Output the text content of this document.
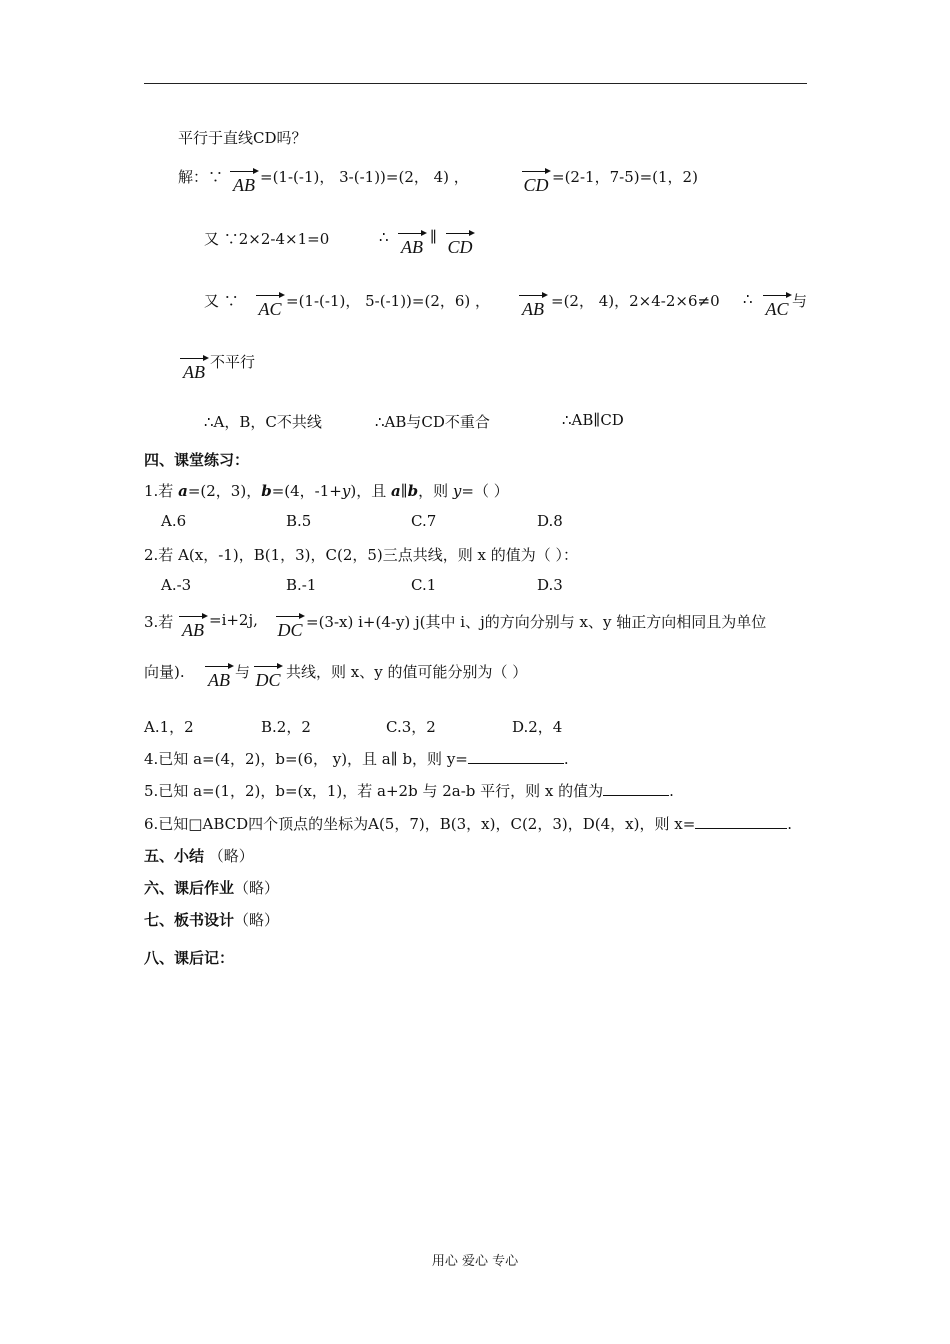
平行于直线CD吗？
解：∵ AB =(1-(-1)， 3-(-1))=(2， 4) ，	CD =(2-1，7-5)=(1，2)
又 ∵2×2-4×1=0	∴ AB ∥ CD
又 ∵ AC =(1-(-1)， 5-(-1))=(2，6) ， AB =(2， 4)，2×4-2×6≠0 ∴ AC 与
AB 不平行
∴A，B，C不共线	∴AB与CD不重合	∴AB∥CD
四、课堂练习：
1.若 a=(2，3)，b=(4，-1+y)，且 a∥b，则 y=（ ）
A.6	B.5	C.7	D.8
2.若 A(x，-1)，B(1，3)，C(2，5)三点共线，则 x 的值为（ ）：
A.-3	B.-1	C.1	D.3
3.若 AB =i+2j, DC =(3-x) i+(4-y) j(其中 i、j的方向分别与 x、y 轴正方向相同且为单位
向量). AB 与 DC 共线，则 x、y 的值可能分别为（ ）
A.1，2	B.2，2	C.3，2	D.2，4
4.已知 a=(4，2)，b=(6， y)，且 a∥ b，则 y=	.
5.已知 a=(1，2)，b=(x，1)，若 a+2b 与 2a-b 平行，则 x 的值为	.
6.已知□ABCD四个顶点的坐标为A(5，7)，B(3，x)，C(2，3)，D(4，x)，则 x=	.
五、小结 （略）
六、课后作业（略）
七、板书设计（略）
八、课后记：
用心 爱心 专心
